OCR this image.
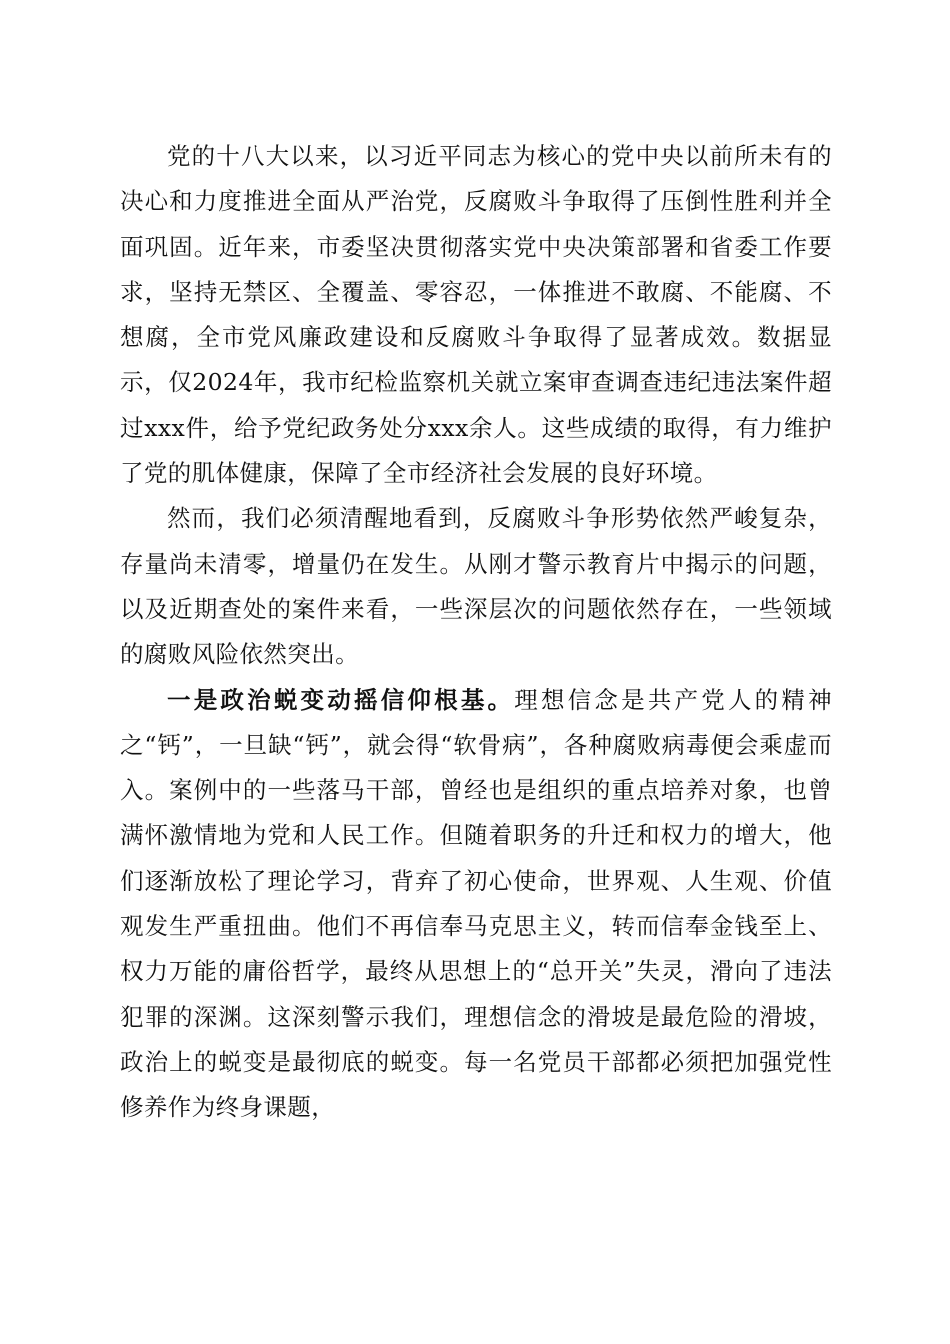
党的十八大以来，以习近平同志为核心的党中央以前所未有的决心和力度推进全面从严治党，反腐败斗争取得了压倒性胜利并全面巩固。近年来，市委坚决贯彻落实党中央决策部署和省委工作要求，坚持无禁区、全覆盖、零容忍，一体推进不敢腐、不能腐、不想腐，全市党风廉政建设和反腐败斗争取得了显著成效。数据显示，仅2024年，我市纪检监察机关就立案审查调查违纪违法案件超过xxx件，给予党纪政务处分xxx余人。这些成绩的取得，有力维护了党的肌体健康，保障了全市经济社会发展的良好环境。

然而，我们必须清醒地看到，反腐败斗争形势依然严峻复杂，存量尚未清零，增量仍在发生。从刚才警示教育片中揭示的问题，以及近期查处的案件来看，一些深层次的问题依然存在，一些领域的腐败风险依然突出。

一是政治蜕变动摇信仰根基。理想信念是共产党人的精神之“钙”，一旦缺“钙”，就会得“软骨病”，各种腐败病毒便会乘虚而入。案例中的一些落马干部，曾经也是组织的重点培养对象，也曾满怀激情地为党和人民工作。但随着职务的升迁和权力的增大，他们逐渐放松了理论学习，背弃了初心使命，世界观、人生观、价值观发生严重扭曲。他们不再信奉马克思主义，转而信奉金钱至上、权力万能的庸俗哲学，最终从思想上的“总开关”失灵，滑向了违法犯罪的深渊。这深刻警示我们，理想信念的滑坡是最危险的滑坡，政治上的蜕变是最彻底的蜕变。每一名党员干部都必须把加强党性修养作为终身课题，
